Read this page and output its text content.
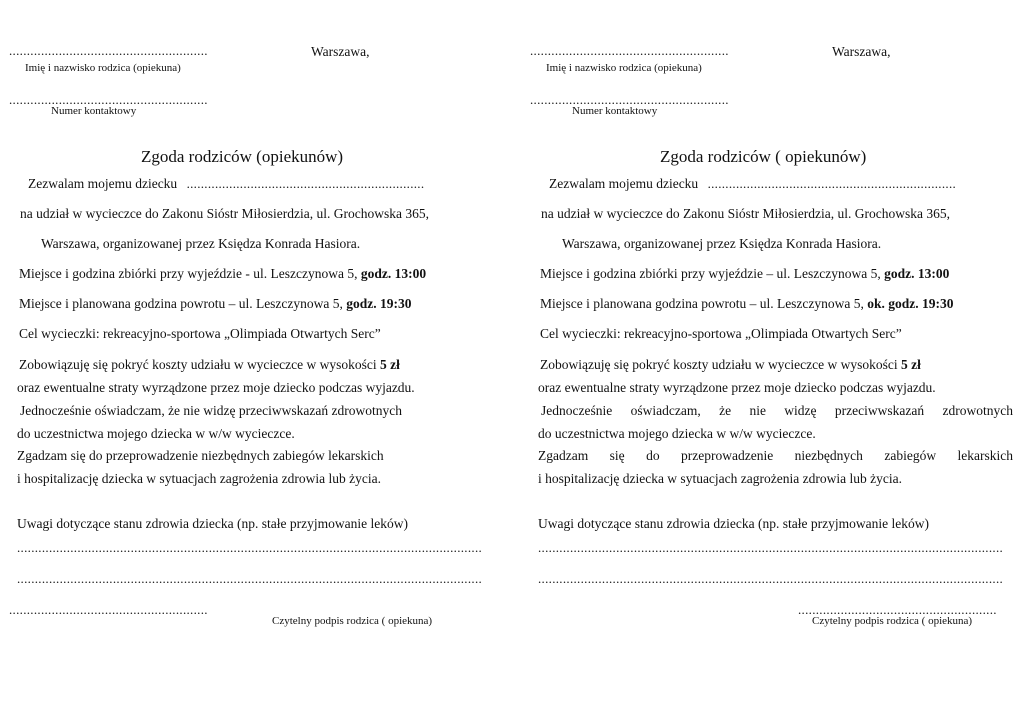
........................................................	Warszawa,
Imię i nazwisko rodzica (opiekuna)
........................................................
Numer kontaktowy
Zgoda rodziców (opiekunów)
Zezwalam mojemu dziecku ...................................................................
na udział w wycieczce do Zakonu Sióstr Miłosierdzia, ul. Grochowska 365,
Warszawa, organizowanej przez Księdza Konrada Hasiora.
Miejsce i godzina zbiórki przy wyjeździe - ul. Leszczynowa 5, godz. 13:00
Miejsce i planowana godzina powrotu – ul. Leszczynowa 5, godz. 19:30
Cel wycieczki: rekreacyjno-sportowa „Olimpiada Otwartych Serc”
Zobowiązuję się pokryć koszty udziału w wycieczce w wysokości 5 zł
oraz ewentualne straty wyrządzone przez moje dziecko podczas wyjazdu.
Jednocześnie oświadczam, że nie widzę przeciwwskazań zdrowotnych
do uczestnictwa mojego dziecka w w/w wycieczce.
Zgadzam się do przeprowadzenie niezbędnych zabiegów lekarskich
i hospitalizację dziecka w sytuacjach zagrożenia zdrowia lub życia.
Uwagi dotyczące stanu zdrowia dziecka (np. stałe przyjmowanie leków)
...................................................................................................................................
...................................................................................................................................
........................................................
Czytelny podpis rodzica ( opiekuna)
........................................................	Warszawa,
Imię i nazwisko rodzica (opiekuna)
........................................................
Numer kontaktowy
Zgoda rodziców ( opiekunów)
Zezwalam mojemu dziecku ......................................................................
na udział w wycieczce do Zakonu Sióstr Miłosierdzia, ul. Grochowska 365,
Warszawa, organizowanej przez Księdza Konrada Hasiora.
Miejsce i godzina zbiórki przy wyjeździe – ul. Leszczynowa 5, godz. 13:00
Miejsce i planowana godzina powrotu – ul. Leszczynowa 5, ok. godz. 19:30
Cel wycieczki: rekreacyjno-sportowa „Olimpiada Otwartych Serc”
Zobowiązuję się pokryć koszty udziału w wycieczce w wysokości 5 zł
oraz ewentualne straty wyrządzone przez moje dziecko podczas wyjazdu.
Jednocześnie oświadczam, że nie widzę przeciwwskazań zdrowotnych
do uczestnictwa mojego dziecka w w/w wycieczce.
Zgadzam się do przeprowadzenie niezbędnych zabiegów lekarskich
i hospitalizację dziecka w sytuacjach zagrożenia zdrowia lub życia.
Uwagi dotyczące stanu zdrowia dziecka (np. stałe przyjmowanie leków)
...................................................................................................................................
...................................................................................................................................
........................................................
Czytelny podpis rodzica ( opiekuna)
